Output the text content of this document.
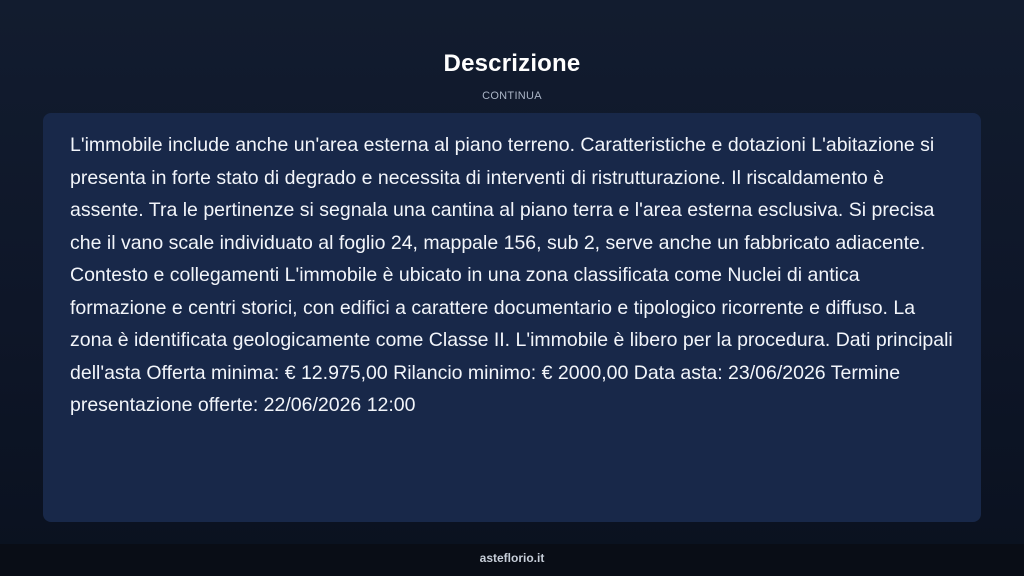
Descrizione
CONTINUA

L'immobile include anche un'area esterna al piano terreno. Caratteristiche e dotazioni L'abitazione si presenta in forte stato di degrado e necessita di interventi di ristrutturazione. Il riscaldamento è assente. Tra le pertinenze si segnala una cantina al piano terra e l'area esterna esclusiva. Si precisa che il vano scale individuato al foglio 24, mappale 156, sub 2, serve anche un fabbricato adiacente. Contesto e collegamenti L'immobile è ubicato in una zona classificata come Nuclei di antica formazione e centri storici, con edifici a carattere documentario e tipologico ricorrente e diffuso. La zona è identificata geologicamente come Classe II. L'immobile è libero per la procedura. Dati principali dell'asta Offerta minima: € 12.975,00 Rilancio minimo: € 2000,00 Data asta: 23/06/2026 Termine presentazione offerte: 22/06/2026 12:00

asteflorio.it
